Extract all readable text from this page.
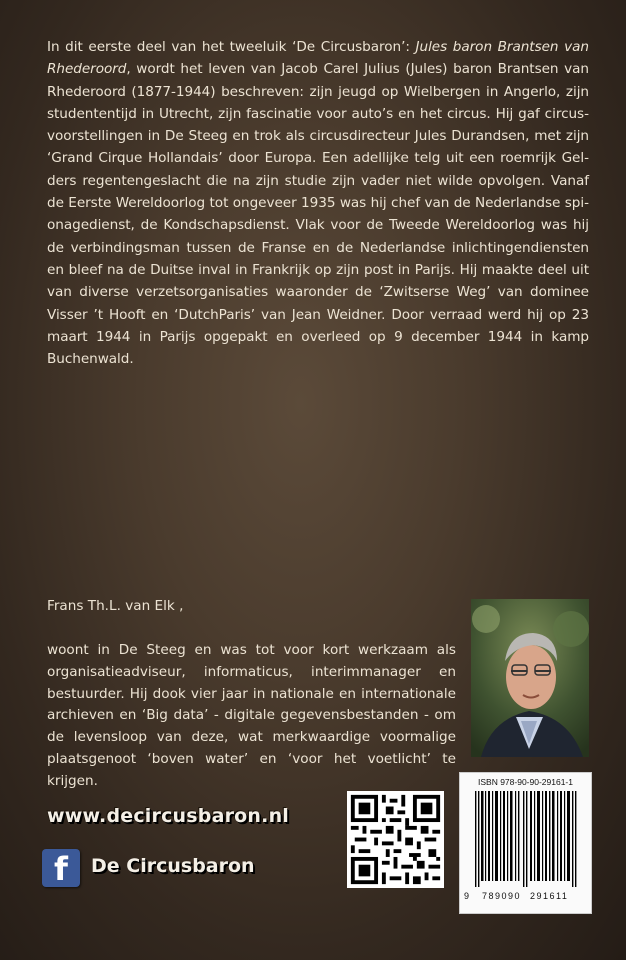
In dit eerste deel van het tweeluik ‘De Circusbaron’: Jules baron Brantsen van Rhederoord, wordt het leven van Jacob Carel Julius (Jules) baron Brantsen van Rhederoord (1877-1944) beschreven: zijn jeugd op Wielbergen in Angerlo, zijn studententijd in Utrecht, zijn fascinatie voor auto’s en het circus. Hij gaf circusvoorstellingen in De Steeg en trok als circusdirecteur Jules Durandsen, met zijn ‘Grand Cirque Hollandais’ door Europa. Een adellijke telg uit een roemrijk Gelders regentengeslacht die na zijn studie zijn vader niet wilde opvolgen. Vanaf de Eerste Wereldoorlog tot ongeveer 1935 was hij chef van de Nederlandse spionagedienst, de Kondschapsdienst. Vlak voor de Tweede Wereldoorlog was hij de verbindingsman tussen de Franse en de Nederlandse inlichtingendiensten en bleef na de Duitse inval in Frankrijk op zijn post in Parijs. Hij maakte deel uit van diverse verzetsorganisaties waaronder de ‘Zwitserse Weg’ van dominee Visser ’t Hooft en ‘DutchParis’ van Jean Weidner. Door verraad werd hij op 23 maart 1944 in Parijs opgepakt en overleed op 9 december 1944 in kamp Buchenwald.

Frans Th.L. van Elk ,

woont in De Steeg en was tot voor kort werkzaam als organisatieadviseur, informaticus, interimmanager en bestuurder. Hij dook vier jaar in nationale en internationale archieven en ‘Big data’ - digitale gegevensbestanden - om de levensloop van deze, wat merkwaardige voormalige plaatsgenoot ‘boven water’ en ‘voor het voetlicht’ te krijgen.	ISBN 978-90-90-29161-1
9 789090 291611
www.decircusbaron.nl
f De Circusbaron
